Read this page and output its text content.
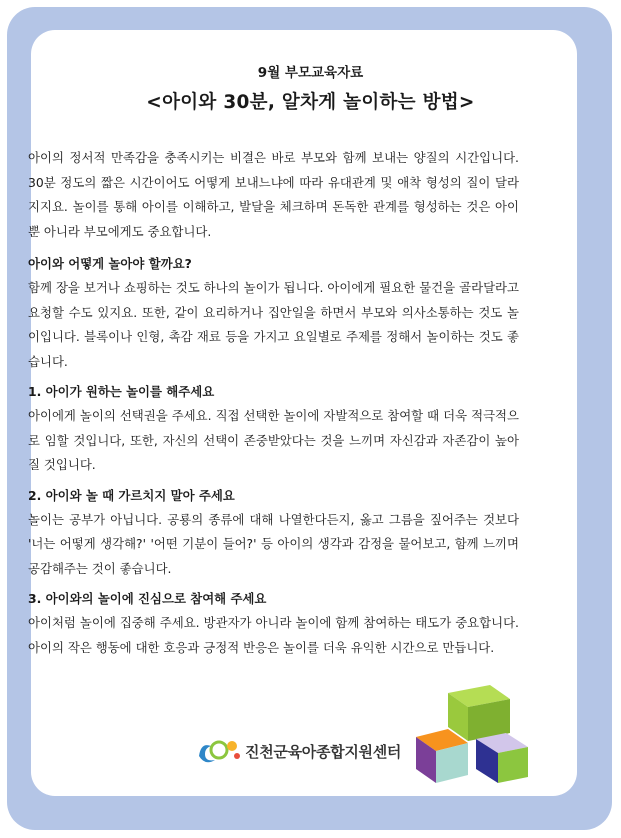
9월 부모교육자료
<아이와 30분, 알차게 놀이하는 방법>

아이의 정서적 만족감을 충족시키는 비결은 바로 부모와 함께 보내는 양질의 시간입니다. 30분 정도의 짧은 시간이어도 어떻게 보내느냐에 따라 유대관계 및 애착 형성의 질이 달라지지요. 놀이를 통해 아이를 이해하고, 발달을 체크하며 돈독한 관계를 형성하는 것은 아이뿐 아니라 부모에게도 중요합니다.

아이와 어떻게 놀아야 할까요?

함께 장을 보거나 쇼핑하는 것도 하나의 놀이가 됩니다. 아이에게 필요한 물건을 골라달라고 요청할 수도 있지요. 또한, 같이 요리하거나 집안일을 하면서 부모와 의사소통하는 것도 놀이입니다. 블록이나 인형, 촉감 재료 등을 가지고 요일별로 주제를 정해서 놀이하는 것도 좋습니다.

1. 아이가 원하는 놀이를 해주세요

아이에게 놀이의 선택권을 주세요. 직접 선택한 놀이에 자발적으로 참여할 때 더욱 적극적으로 임할 것입니다, 또한, 자신의 선택이 존중받았다는 것을 느끼며 자신감과 자존감이 높아질 것입니다.

2. 아이와 놀 때 가르치지 말아 주세요

놀이는 공부가 아닙니다. 공룡의 종류에 대해 나열한다든지, 옳고 그름을 짚어주는 것보다 '너는 어떻게 생각해?' '어떤 기분이 들어?' 등 아이의 생각과 감정을 물어보고, 함께 느끼며 공감해주는 것이 좋습니다.

3. 아이와의 놀이에 진심으로 참여해 주세요

아이처럼 놀이에 집중해 주세요. 방관자가 아니라 놀이에 함께 참여하는 태도가 중요합니다. 아이의 작은 행동에 대한 호응과 긍정적 반응은 놀이를 더욱 유익한 시간으로 만듭니다.

진천군육아종합지원센터
